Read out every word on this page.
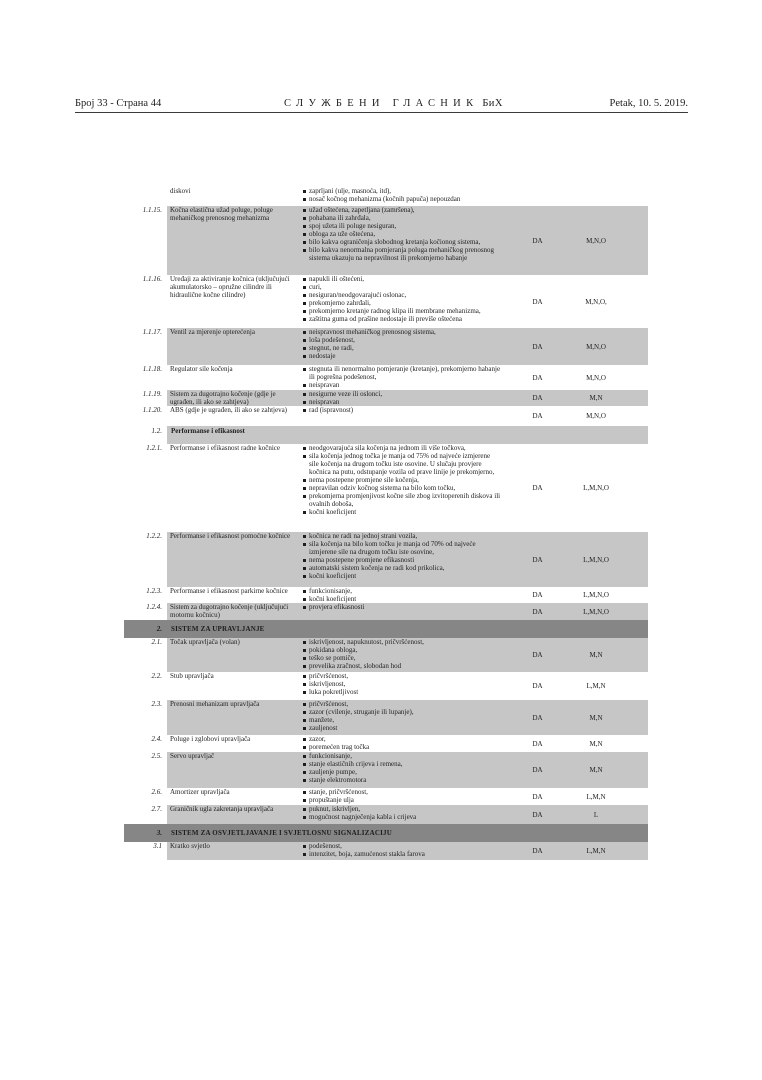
Број 33 - Страна 44	СЛУЖБЕНИ ГЛАСНИК БиХ	Petak, 10. 5. 2019.
diskovi	zaprljani (ulje, masnoća, itd),
nosač kočnog mehanizma (kočnih papuča) nepouzdan
1.1.15.	Kočna elastična užad poluge, poluge mehaničkog prenosnog mehanizma
užad oštećena, zapetljana (zamršena),
pohabana ili zahrđala,
spoj užeta ili poluge nesiguran,
obloga za uže oštećena,
bilo kakva ograničenja slobodnog kretanja kočionog sistema,
bilo kakva nenormalna pomjeranja poluga mehaničkog prenosnog sistema ukazuju na nepravilnost ili prekomjerno habanje
DA	M,N,O
1.1.16.	Uređaji za aktiviranje kočnica (uključujući akumulatorsko – opružne cilindre ili hidraulične kočne cilindre)
napukli ili oštećeni,
curi,
nesiguran/neodgovarajući oslonac,
prekomjerno zahrđali,
prekomjerno kretanje radnog klipa ili membrane mehanizma,
zaštitna guma od prašine nedostaje ili previše oštećena
DA	M,N,O,
1.1.17.	Ventil za mjerenje opterećenja	neispravnost mehaničkog prenosnog sistema,
loša podešenost,
stegnut, ne radi,
nedostaje
DA	M,N,O
1.1.18.	Regulator sile kočenja	stegnuta ili nenormalno pomjeranje (kretanje), prekomjerno habanje ili pogrešna podešenost,
neispravan
DA	M,N,O
1.1.19.	Sistem za dugotrajno kočenje (gdje je ugrađen, ili ako se zahtjeva)
nesigurne veze ili oslonci,
neispravan	DA	M,N
1.1.20.	ABS (gdje je ugrađen, ili ako se zahtjeva)	rad (ispravnost)
DA	M,N,O
1.2.	Performanse i efikasnost
1.2.1.	Performanse i efikasnost radne kočnice	neodgovarajuća sila kočenja na jednom ili više točkova,
sila kočenja jednog točka je manja od 75% od najveće izmjerene sile kočenja na drugom točku iste osovine. U slučaju provjere kočnica na putu, odstupanje vozila od prave linije je prekomjerno,
nema postepene promjene sile kočenja,
nepravilan odziv kočnog sistema na bilo kom točku,
prekomjerna promjenjivost kočne sile zbog izvitoperenih diskova ili ovalnih doboša,
kočni koeficijent
DA	L,M,N,O
1.2.2.	Performanse i efikasnost pomoćne kočnice	kočnica ne radi na jednoj strani vozila,
sila kočenja na bilo kom točku je manja od 70% od najveće izmjerene sile na drugom točku iste osovine,
nema postepene promjene efikasnosti
automatski sistem kočenja ne radi kod prikolica,
kočni koeficijent
DA	L,M,N,O
1.2.3.	Performanse i efikasnost parkirne kočnice	funkcionisanje,
kočni koeficijent	DA	L,M,N,O
1.2.4.	Sistem za dugotrajno kočenje (uključujući motornu kočnicu)
provjera efikasnosti
DA	L,M,N,O
2.	SISTEM ZA UPRAVLJANJE
2.1.	Točak upravljača (volan)	iskrivljenost, napuknutost, pričvršćenost,
pokidana obloga,
teško se pomiče,
prevelika zračnost, slobodan hod
DA	M,N
2.2.	Stub upravljača	pričvršćenost,
iskrivljenost,
luka pokretljivost
DA	L,M,N
2.3.	Prenosni mehanizam upravljača	pričvršćenost,
zazor (cvilenje, struganje ili lupanje),
manžete,
zauljenost
DA	M,N
2.4.	Poluge i zglobovi upravljača	zazor,
poremećen trag točka	DA	M,N
2.5.	Servo upravljač	funkcionisanje,
stanje elastičnih crijeva i remena,
zauljenje pumpe,
stanje elektromotora
DA	M,N
2.6.	Amortizer upravljača	stanje, pričvršćenost,
propuštanje ulja	DA	L,M,N
2.7.	Graničnik ugla zakretanja upravljača	puknut, iskrivljen,
mogućnost nagnječenja kabla i crijeva	DA	L
3.	SISTEM ZA OSVJETLJAVANJE I SVJETLOSNU SIGNALIZACIJU
3.1	Kratko svjetlo	podešenost,
intenzitet, boja, zamućenost stakla farova	DA	L,M,N
